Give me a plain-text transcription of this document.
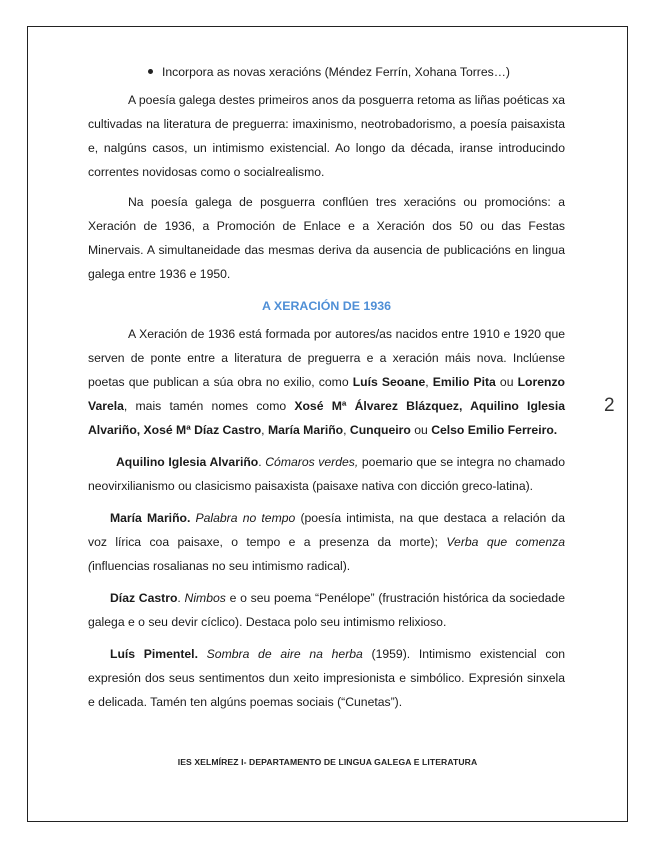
Incorpora as novas xeracións (Méndez Ferrín, Xohana Torres…)

A poesía galega destes primeiros anos da posguerra retoma as liñas poéticas xa cultivadas na literatura de preguerra: imaxinismo, neotrobadorismo, a poesía paisaxista e, nalgúns casos, un intimismo existencial. Ao longo da década, iranse introducindo correntes novidosas como o socialrealismo.

Na poesía galega de posguerra conflúen tres xeracións ou promocións: a Xeración de 1936, a Promoción de Enlace e a Xeración dos 50 ou das Festas Minervais. A simultaneidade das mesmas deriva da ausencia de publicacións en lingua galega entre 1936 e 1950.

A XERACIÓN DE 1936

A Xeración de 1936 está formada por autores/as nacidos entre 1910 e 1920 que serven de ponte entre a literatura de preguerra e a xeración máis nova. Inclúense poetas que publican a súa obra no exilio, como Luís Seoane, Emilio Pita ou Lorenzo Varela, mais tamén nomes como Xosé Mª Álvarez Blázquez, Aquilino Iglesia Alvariño, Xosé Mª Díaz Castro, María Mariño, Cunqueiro ou Celso Emilio Ferreiro.

Aquilino Iglesia Alvariño. Cómaros verdes, poemario que se integra no chamado neovirxilianismo ou clasicismo paisaxista (paisaxe nativa con dicción greco-latina).

María Mariño. Palabra no tempo (poesía intimista, na que destaca a relación da voz lírica coa paisaxe, o tempo e a presenza da morte); Verba que comenza (influencias rosalianas no seu intimismo radical).

Díaz Castro. Nimbos e o seu poema “Penélope” (frustración histórica da sociedade galega e o seu devir cíclico). Destaca polo seu intimismo relixioso.

Luís Pimentel. Sombra de aire na herba (1959). Intimismo existencial con expresión dos seus sentimentos dun xeito impresionista e simbólico. Expresión sinxela e delicada. Tamén ten algúns poemas sociais (“Cunetas”).

2
IES XELMÍREZ I- DEPARTAMENTO DE LINGUA GALEGA E LITERATURA
